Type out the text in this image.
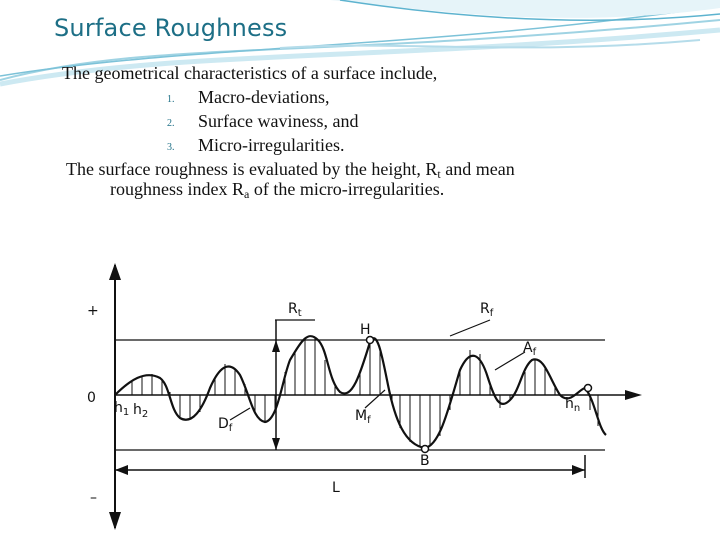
Surface Roughness
The geometrical characteristics of a surface include,
1. Macro-deviations,
2. Surface waviness, and
3. Micro-irregularities.
The surface roughness is evaluated by the height, $R_t$ and mean
roughness index $R_a$ of the micro-irregularities.
+
0
–
$R_t$	$R_f$
H
$A_f$
$h_1$ $h_2$
$D_f$
$M_f$
B
$h_n$
L
